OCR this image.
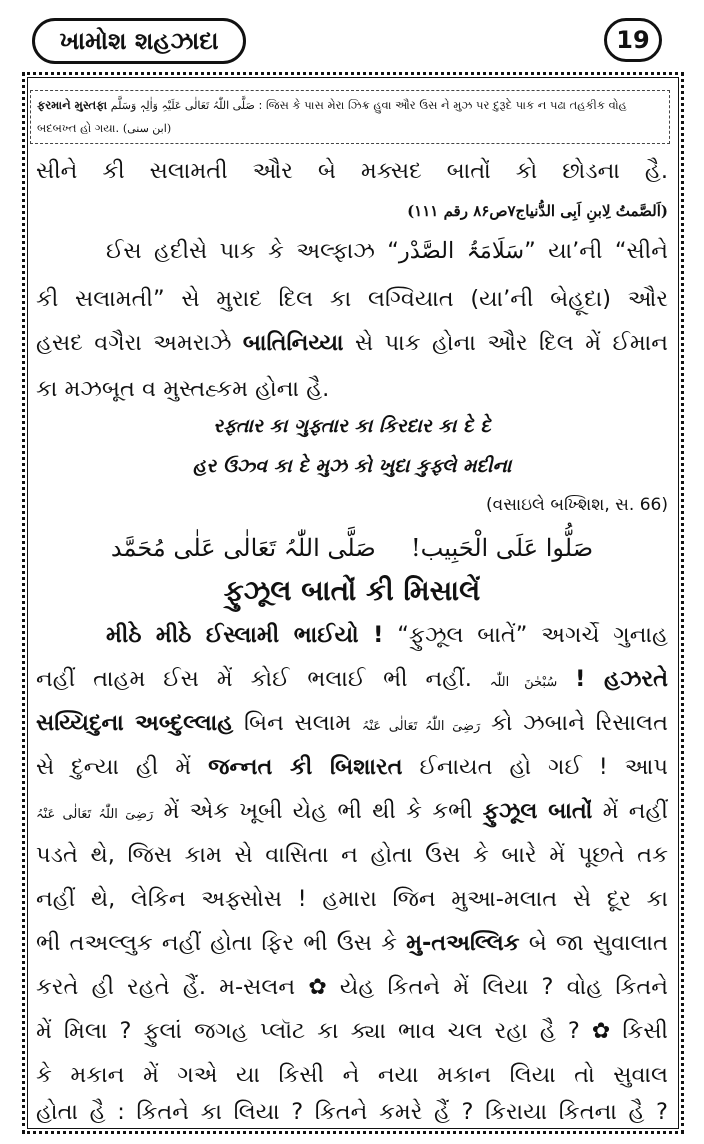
ખામોશ શહઝાદા	19
ફરમાને મુસ્તફા صَلَّی اللّٰہُ تَعَالٰی عَلَیْہِ وَاٰلِہٖ وَسَلَّم : જિસ કે પાસ મેરા ઝિક્ર હુવા ઔર ઉસ ને મુઝ પર દુરૂદે પાક ન પઢા તહકીક વોહ
બદબખ્ત હો ગયા. (ابن سنی)
સીને કી સલામતી ઔર બે મક્સદ બાતોં કો છોડના હૈ.
(اَلصَّمتُ لِابنِ اَبِی الدُّنیاج۷ص۸۶ رقم ۱۱۱)
ઈસ હદીસે પાક કે અલ્ફાઝ “سَلَامَۃُ الصَّدْر” યા’ની “સીને
કી સલામતી” સે મુરાદ દિલ કા લગ્વિયાત (યા’ની બેહૂદા) ઔર
હસદ વગૈરા અમરાઝે બાતિનિય્યા સે પાક હોના ઔર દિલ મેં ઈમાન
કા મઝબૂત વ મુસ્તહ્કમ હોના હૈ.
રફ્તાર કા ગુફ્તાર કા કિરદાર કા દે દે
હર ઉઝ્વ કા દે મુઝ કો ખુદા કુફ્લે મદીના
(વસાઇલે બખ્શિશ, સ. 66)
صَلُّوا عَلَی الْحَبِیب!  صَلَّی اللّٰہُ تَعَالٰی عَلٰی مُحَمَّد
ફુઝૂલ બાતોં કી મિસાલેં
મીઠે મીઠે ઈસ્લામી ભાઈયો ! “ફુઝૂલ બાતેં” અગર્ચે ગુનાહ
નહીં તાહમ ઈસ મેં કોઈ ભલાઈ ભી નહીં. سُبْحٰنَ اللّٰہ ! હઝરતે
સય્યિદુના અબ્દુલ્લાહ બિન સલામ رَضِیَ اللّٰہُ تَعَالٰی عَنْہُ કો ઝબાને રિસાલત
સે દુન્યા હી મેં જન્નત કી બિશારત ઈનાયત હો ગઈ ! આપ
رَضِیَ اللّٰہُ تَعَالٰی عَنْہُ મેં એક ખૂબી યેહ ભી થી કે કભી ફુઝૂલ બાતોં મેં નહીં
પડતે થે, જિસ કામ સે વાસિતા ન હોતા ઉસ કે બારે મેં પૂછતે તક
નહીં થે, લેકિન અફ્સોસ ! હમારા જિન મુઆ-મલાત સે દૂર કા
ભી તઅલ્લુક નહીં હોતા ફિર ભી ઉસ કે મુ-તઅલ્લિક બે જા સુવાલાત
કરતે હી રહતે હૈં. મ-સલન ✿ યેહ કિતને મેં લિયા ? વોહ કિતને
મેં મિલા ? ફુલાં જગહ પ્લૉટ કા ક્યા ભાવ ચલ રહા હૈ ? ✿ કિસી
કે મકાન મેં ગએ યા કિસી ને નયા મકાન લિયા તો સુવાલ
હોતા હૈ : કિતને કા લિયા ? કિતને કમરે હૈં ? કિરાયા કિતના હૈ ?
